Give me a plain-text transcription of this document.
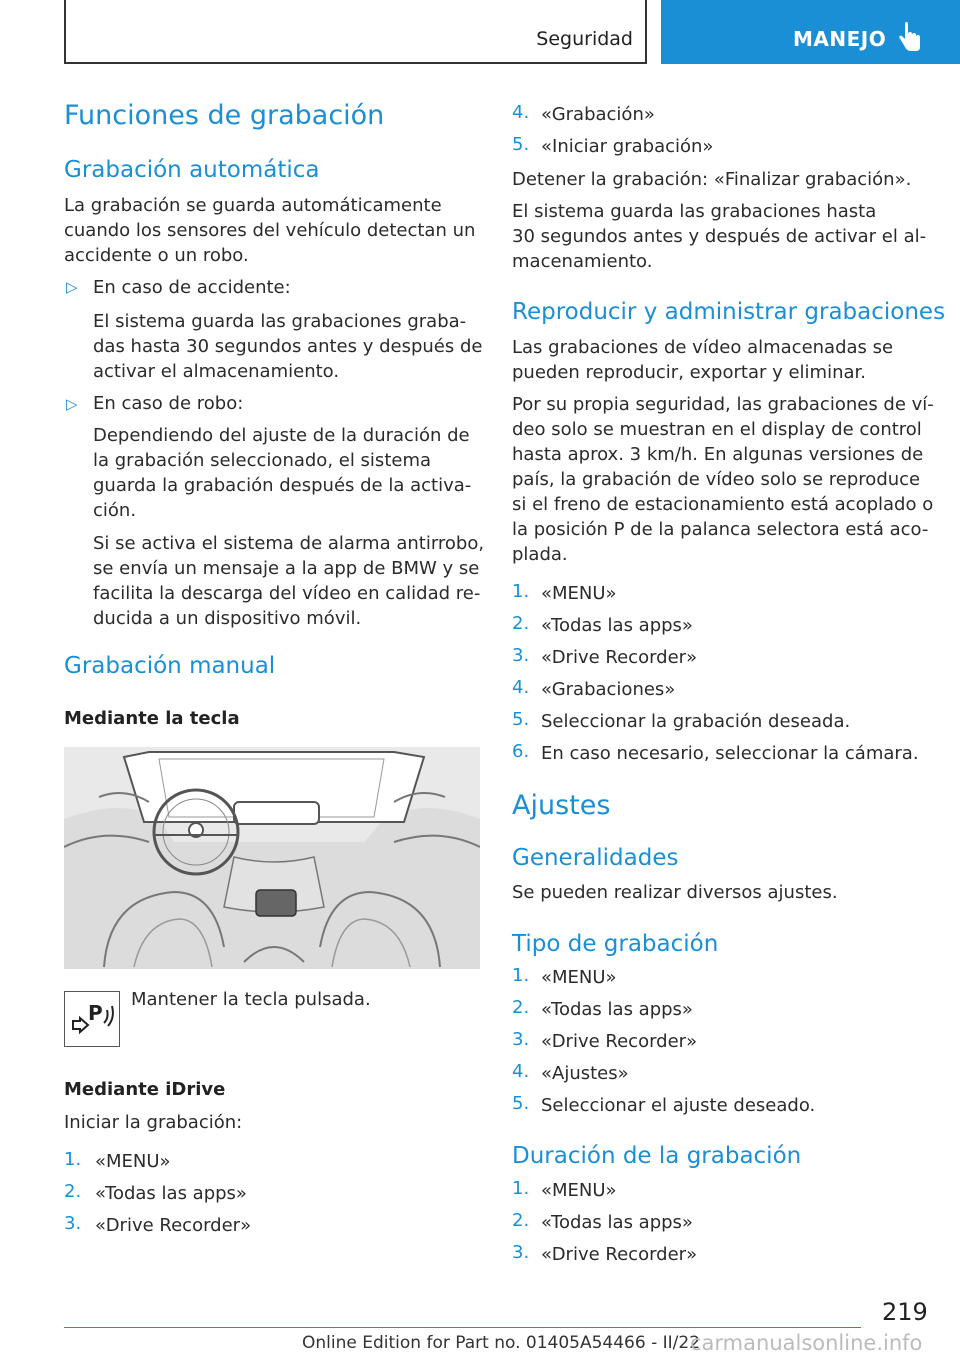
Seguridad	MANEJO
Funciones de grabación
Grabación automática
La grabación se guarda automáticamente
cuando los sensores del vehículo detectan un
accidente o un robo.
▷ En caso de accidente:
El sistema guarda las grabaciones graba-
das hasta 30 segundos antes y después de
activar el almacenamiento.
▷ En caso de robo:
Dependiendo del ajuste de la duración de
la grabación seleccionado, el sistema
guarda la grabación después de la activa-
ción.
Si se activa el sistema de alarma antirrobo,
se envía un mensaje a la app de BMW y se
facilita la descarga del vídeo en calidad re-
ducida a un dispositivo móvil.
Grabación manual
Mediante la tecla
P
Mantener la tecla pulsada.
Mediante iDrive
Iniciar la grabación:
1. «MENU»
2. «Todas las apps»
3. «Drive Recorder»
4. «Grabación»
5. «Iniciar grabación»
Detener la grabación: «Finalizar grabación».
El sistema guarda las grabaciones hasta
30 segundos antes y después de activar el al-
macenamiento.
Reproducir y administrar grabaciones
Las grabaciones de vídeo almacenadas se
pueden reproducir, exportar y eliminar.
Por su propia seguridad, las grabaciones de ví-
deo solo se muestran en el display de control
hasta aprox. 3 km/h. En algunas versiones de
país, la grabación de vídeo solo se reproduce
si el freno de estacionamiento está acoplado o
la posición P de la palanca selectora está aco-
plada.
1. «MENU»
2. «Todas las apps»
3. «Drive Recorder»
4. «Grabaciones»
5. Seleccionar la grabación deseada.
6. En caso necesario, seleccionar la cámara.
Ajustes
Generalidades
Se pueden realizar diversos ajustes.
Tipo de grabación
1. «MENU»
2. «Todas las apps»
3. «Drive Recorder»
4. «Ajustes»
5. Seleccionar el ajuste deseado.
Duración de la grabación
1. «MENU»
2. «Todas las apps»
3. «Drive Recorder»
219
Online Edition for Part no. 01405A54466 - II/22
carmanualsonline.info
